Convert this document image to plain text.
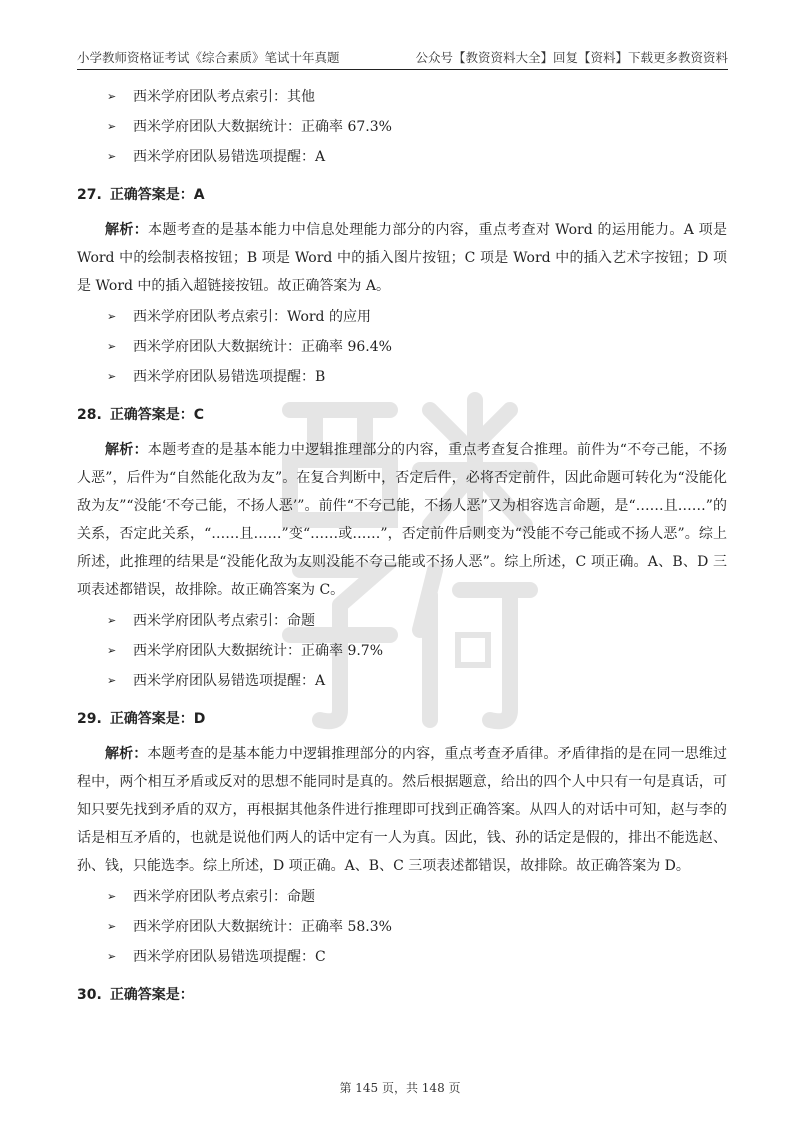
小学教师资格证考试《综合素质》笔试十年真题	公众号【教资资料大全】回复【资料】下载更多教资资料
➢	西米学府团队考点索引：其他
➢	西米学府团队大数据统计：正确率 67.3%
➢	西米学府团队易错选项提醒：A
27. 正确答案是：A
解析：本题考查的是基本能力中信息处理能力部分的内容，重点考查对 Word 的运用能力。A 项是 Word 中的绘制表格按钮；B 项是 Word 中的插入图片按钮；C 项是 Word 中的插入艺术字按钮；D 项是 Word 中的插入超链接按钮。故正确答案为 A。
➢	西米学府团队考点索引：Word 的应用
➢	西米学府团队大数据统计：正确率 96.4%
➢	西米学府团队易错选项提醒：B
28. 正确答案是：C
解析：本题考查的是基本能力中逻辑推理部分的内容，重点考查复合推理。前件为“不夸己能，不扬人恶”，后件为“自然能化敌为友”。在复合判断中，否定后件，必将否定前件，因此命题可转化为“没能化敌为友”“没能‘不夸己能，不扬人恶’”。前件“不夸己能，不扬人恶”又为相容选言命题，是“……且……”的关系，否定此关系，“……且……”变“……或……”，否定前件后则变为“没能不夸己能或不扬人恶”。综上所述，此推理的结果是“没能化敌为友则没能不夸己能或不扬人恶”。综上所述，C 项正确。A、B、D 三项表述都错误，故排除。故正确答案为 C。
➢	西米学府团队考点索引：命题
➢	西米学府团队大数据统计：正确率 9.7%
➢	西米学府团队易错选项提醒：A
29. 正确答案是：D
解析：本题考查的是基本能力中逻辑推理部分的内容，重点考查矛盾律。矛盾律指的是在同一思维过程中，两个相互矛盾或反对的思想不能同时是真的。然后根据题意，给出的四个人中只有一句是真话，可知只要先找到矛盾的双方，再根据其他条件进行推理即可找到正确答案。从四人的对话中可知，赵与李的话是相互矛盾的，也就是说他们两人的话中定有一人为真。因此，钱、孙的话定是假的，排出不能选赵、孙、钱，只能选李。综上所述，D 项正确。A、B、C 三项表述都错误，故排除。故正确答案为 D。
➢	西米学府团队考点索引：命题
➢	西米学府团队大数据统计：正确率 58.3%
➢	西米学府团队易错选项提醒：C
30. 正确答案是：
第 145 页，共 148 页
